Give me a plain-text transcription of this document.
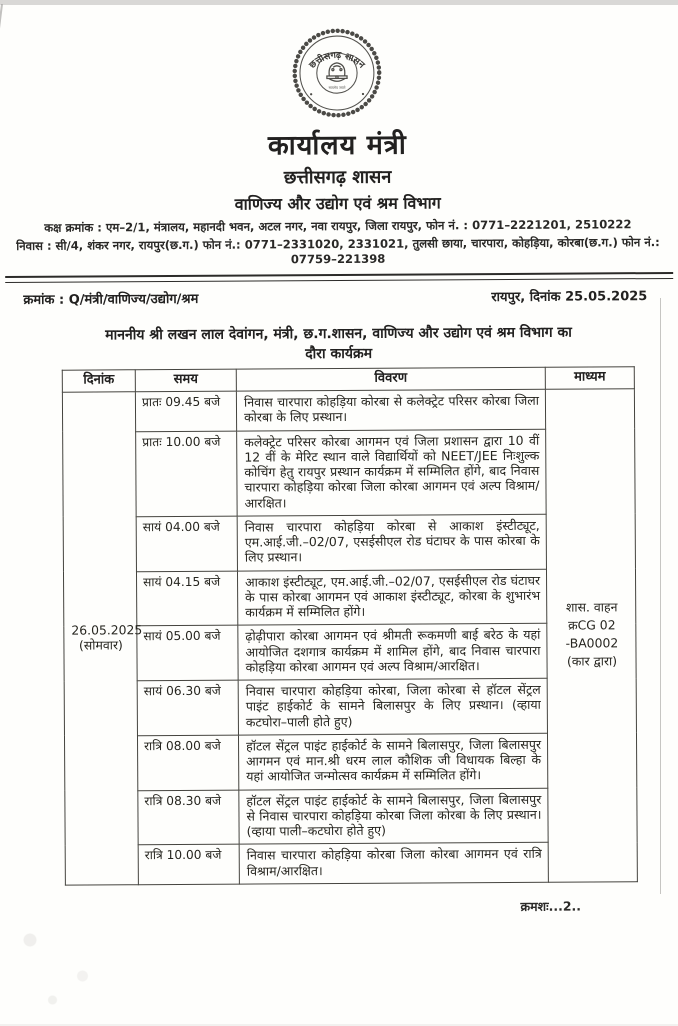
छत्तीसगढ़ शासन
सत्यमेव जयते
कार्यालय मंत्री
छत्तीसगढ़ शासन
वाणिज्य और उद्योग एवं श्रम विभाग
कक्ष क्रमांक : एम–2/1, मंत्रालय, महानदी भवन, अटल नगर, नवा रायपुर, जिला रायपुर, फोन नं. : 0771–2221201, 2510222
निवास : सी/4, शंकर नगर, रायपुर(छ.ग.) फोन नं.: 0771–2331020, 2331021, तुलसी छाया, चारपारा, कोहड़िया, कोरबा(छ.ग.) फोन नं.: 07759–221398
क्रमांक : Q/मंत्री/वाणिज्य/उद्योग/श्रम	रायपुर, दिनांक 25.05.2025
माननीय श्री लखन लाल देवांगन, मंत्री, छ.ग.शासन, वाणिज्य और उद्योग एवं श्रम विभाग का
दौरा कार्यक्रम
दिनांक	समय	विवरण	माध्यम

26.05.2025
(सोमवार)
	प्रातः 09.45 बजे	निवास चारपारा कोहड़िया कोरबा से कलेक्ट्रेट परिसर कोरबा जिला कोरबा के लिए प्रस्थान।	
शास. वाहन
क्रCG 02
-BA0002
(कार द्वारा)

	प्रातः 10.00 बजे	कलेक्ट्रेट परिसर कोरबा आगमन एवं जिला प्रशासन द्वारा 10 वीं 12 वीं के मेरिट स्थान वाले विद्यार्थियों को NEET/JEE निःशुल्क कोचिंग हेतु रायपुर प्रस्थान कार्यक्रम में सम्मिलित होंगे, बाद निवास चारपारा कोहड़िया कोरबा जिला कोरबा आगमन एवं अल्प विश्राम/आरक्षित।	
	सायं 04.00 बजे	निवास चारपारा कोहड़िया कोरबा से आकाश इंस्टीट्यूट, एम.आई.जी.–02/07, एसईसीएल रोड घंटाघर के पास कोरबा के लिए प्रस्थान।	
	सायं 04.15 बजे	आकाश इंस्टीट्यूट, एम.आई.जी.–02/07, एसईसीएल रोड घंटाघर के पास कोरबा आगमन एवं आकाश इंस्टीट्यूट, कोरबा के शुभारंभ कार्यक्रम में सम्मिलित होंगे।	
	सायं 05.00 बजे	ढ़ोढ़ीपारा कोरबा आगमन एवं श्रीमती रूकमणी बाई बरेठ के यहां आयोजित दशगात्र कार्यक्रम में शामिल होंगे, बाद निवास चारपारा कोहड़िया कोरबा आगमन एवं अल्प विश्राम/आरक्षित।	
	सायं 06.30 बजे	निवास चारपारा कोहड़िया कोरबा, जिला कोरबा से हॉटल सेंट्रल पाइंट हाईकोर्ट के सामने बिलासपुर के लिए प्रस्थान। (व्हाया कटघोरा–पाली होते हुए)	
	रात्रि 08.00 बजे	हॉटल सेंट्रल पाइंट हाईकोर्ट के सामने बिलासपुर, जिला बिलासपुर आगमन एवं मान.श्री धरम लाल कौशिक जी विधायक बिल्हा के यहां आयोजित जन्मोत्सव कार्यक्रम में सम्मिलित होंगे।	
	रात्रि 08.30 बजे	हॉटल सेंट्रल पाइंट हाईकोर्ट के सामने बिलासपुर, जिला बिलासपुर से निवास चारपारा कोहड़िया कोरबा जिला कोरबा के लिए प्रस्थान। (व्हाया पाली–कटघोरा होते हुए)	
	रात्रि 10.00 बजे	निवास चारपारा कोहड़िया कोरबा जिला कोरबा आगमन एवं रात्रि विश्राम/आरक्षित।	
क्रमशः...2..
